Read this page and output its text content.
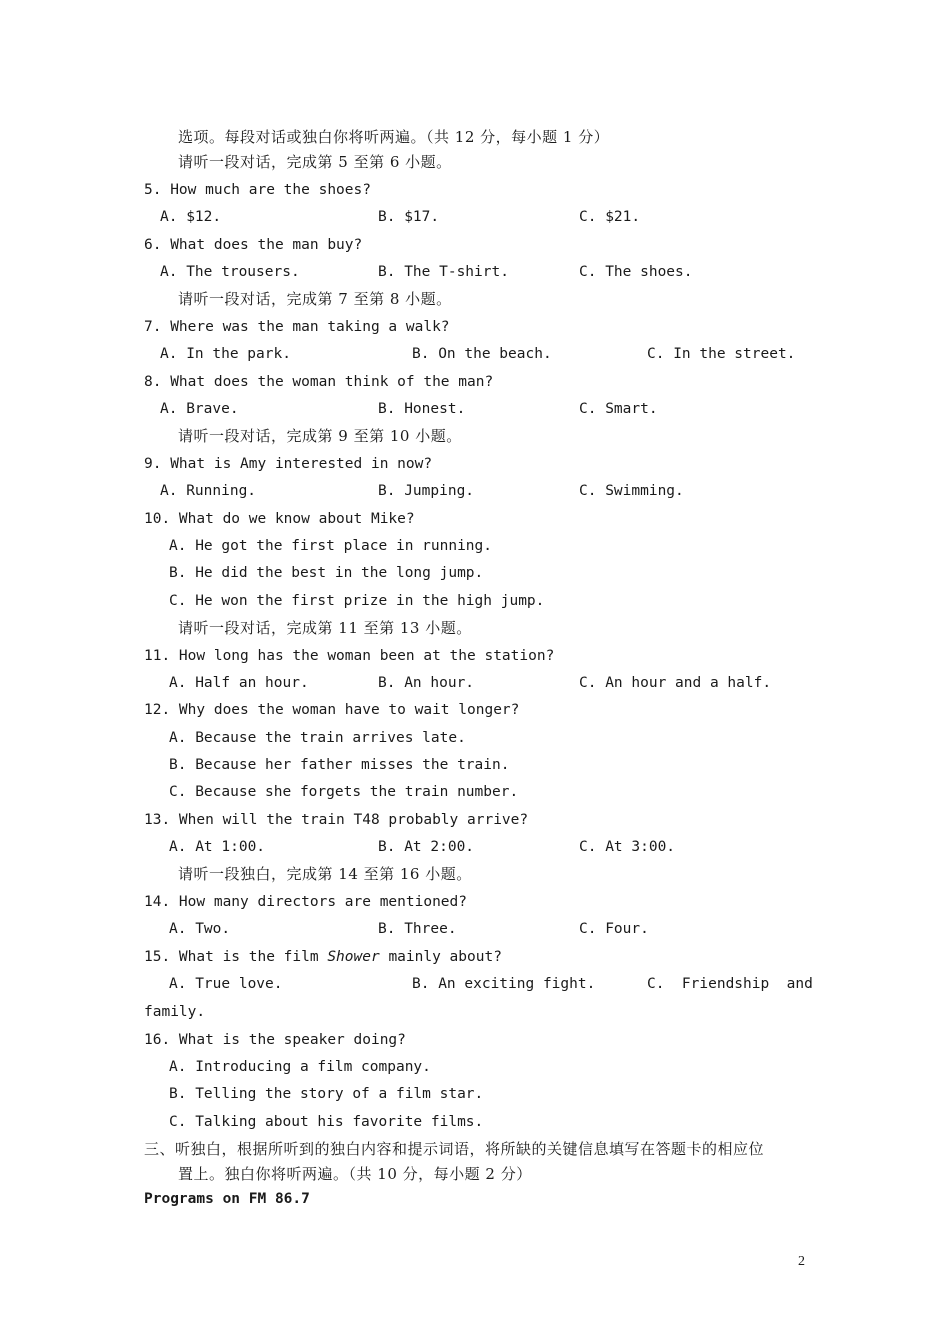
选项。每段对话或独白你将听两遍。（共 12 分，每小题 1 分）
请听一段对话，完成第 5 至第 6 小题。
5. How much are the shoes?
A. $12.	B. $17.	C. $21.
6. What does the man buy?
A. The trousers.	B. The T-shirt.	C. The shoes.
请听一段对话，完成第 7 至第 8 小题。
7. Where was the man taking a walk?
A. In the park.	B. On the beach.	C. In the street.
8. What does the woman think of the man?
A. Brave.	B. Honest.	C. Smart.
请听一段对话，完成第 9 至第 10 小题。
9. What is Amy interested in now?
A. Running.	B. Jumping.	C. Swimming.
10. What do we know about Mike?
A. He got the first place in running.
B. He did the best in the long jump.
C. He won the first prize in the high jump.
请听一段对话，完成第 11 至第 13 小题。
11. How long has the woman been at the station?
A. Half an hour.	B. An hour.	C. An hour and a half.
12. Why does the woman have to wait longer?
A. Because the train arrives late.
B. Because her father misses the train.
C. Because she forgets the train number.
13. When will the train T48 probably arrive?
A. At 1:00.	B. At 2:00.	C. At 3:00.
请听一段独白，完成第 14 至第 16 小题。
14. How many directors are mentioned?
A. Two.	B. Three.	C. Four.
15. What is the film Shower mainly about?
A. True love.	B. An exciting fight.	C.  Friendship  and
family.
16. What is the speaker doing?
A. Introducing a film company.
B. Telling the story of a film star.
C. Talking about his favorite films.
三、听独白，根据所听到的独白内容和提示词语，将所缺的关键信息填写在答题卡的相应位
置上。独白你将听两遍。（共 10 分，每小题 2 分）
Programs on FM 86.7
2
